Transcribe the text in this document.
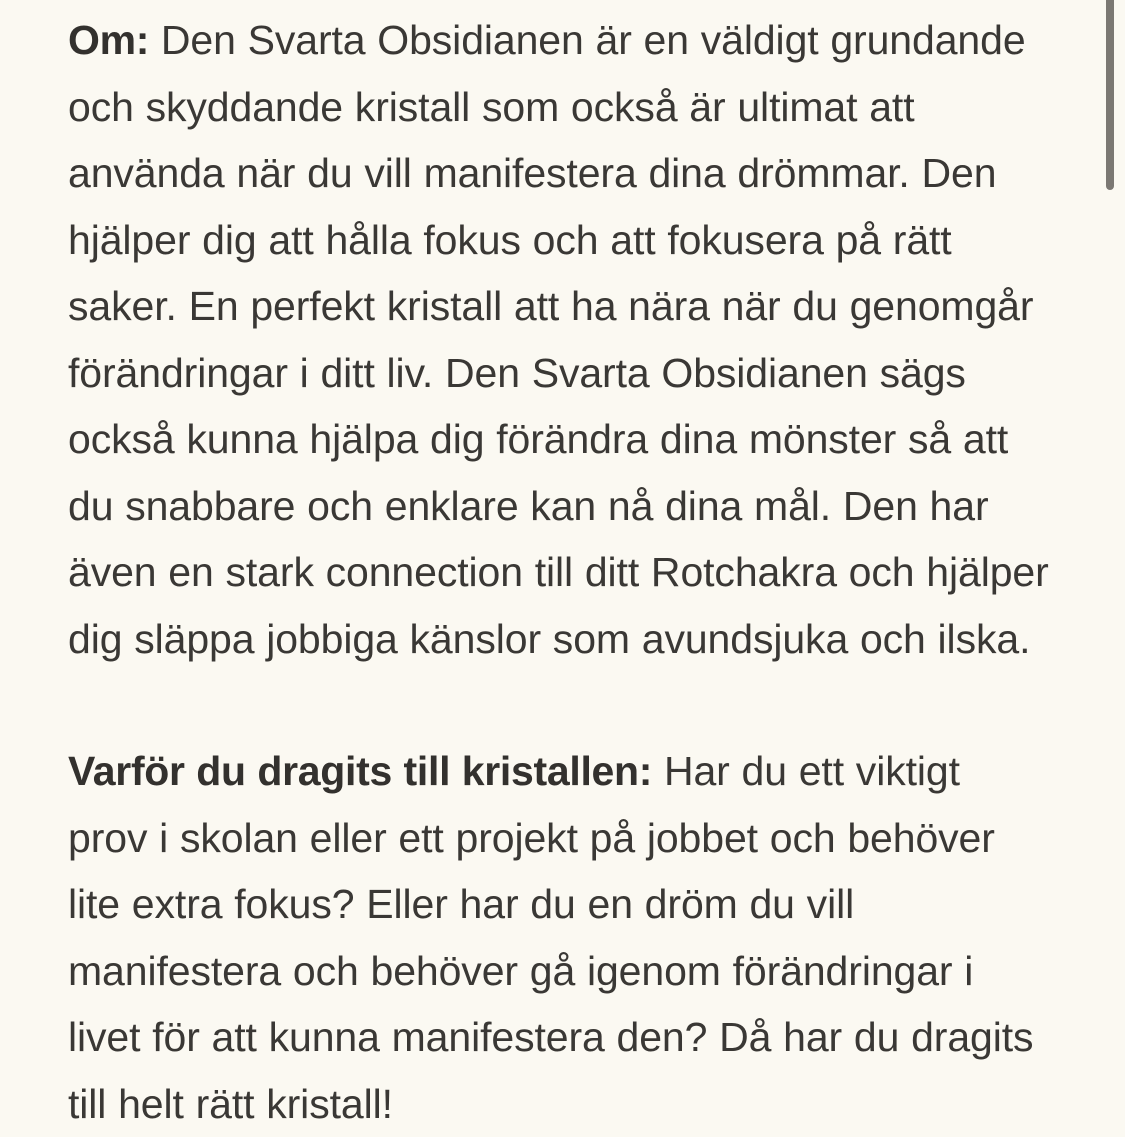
Om: Den Svarta Obsidianen är en väldigt grundande och skyddande kristall som också är ultimat att använda när du vill manifestera dina drömmar. Den hjälper dig att hålla fokus och att fokusera på rätt saker. En perfekt kristall att ha nära när du genomgår förändringar i ditt liv. Den Svarta Obsidianen sägs också kunna hjälpa dig förändra dina mönster så att du snabbare och enklare kan nå dina mål. Den har även en stark connection till ditt Rotchakra och hjälper dig släppa jobbiga känslor som avundsjuka och ilska.

Varför du dragits till kristallen: Har du ett viktigt prov i skolan eller ett projekt på jobbet och behöver lite extra fokus? Eller har du en dröm du vill manifestera och behöver gå igenom förändringar i livet för att kunna manifestera den? Då har du dragits till helt rätt kristall!
